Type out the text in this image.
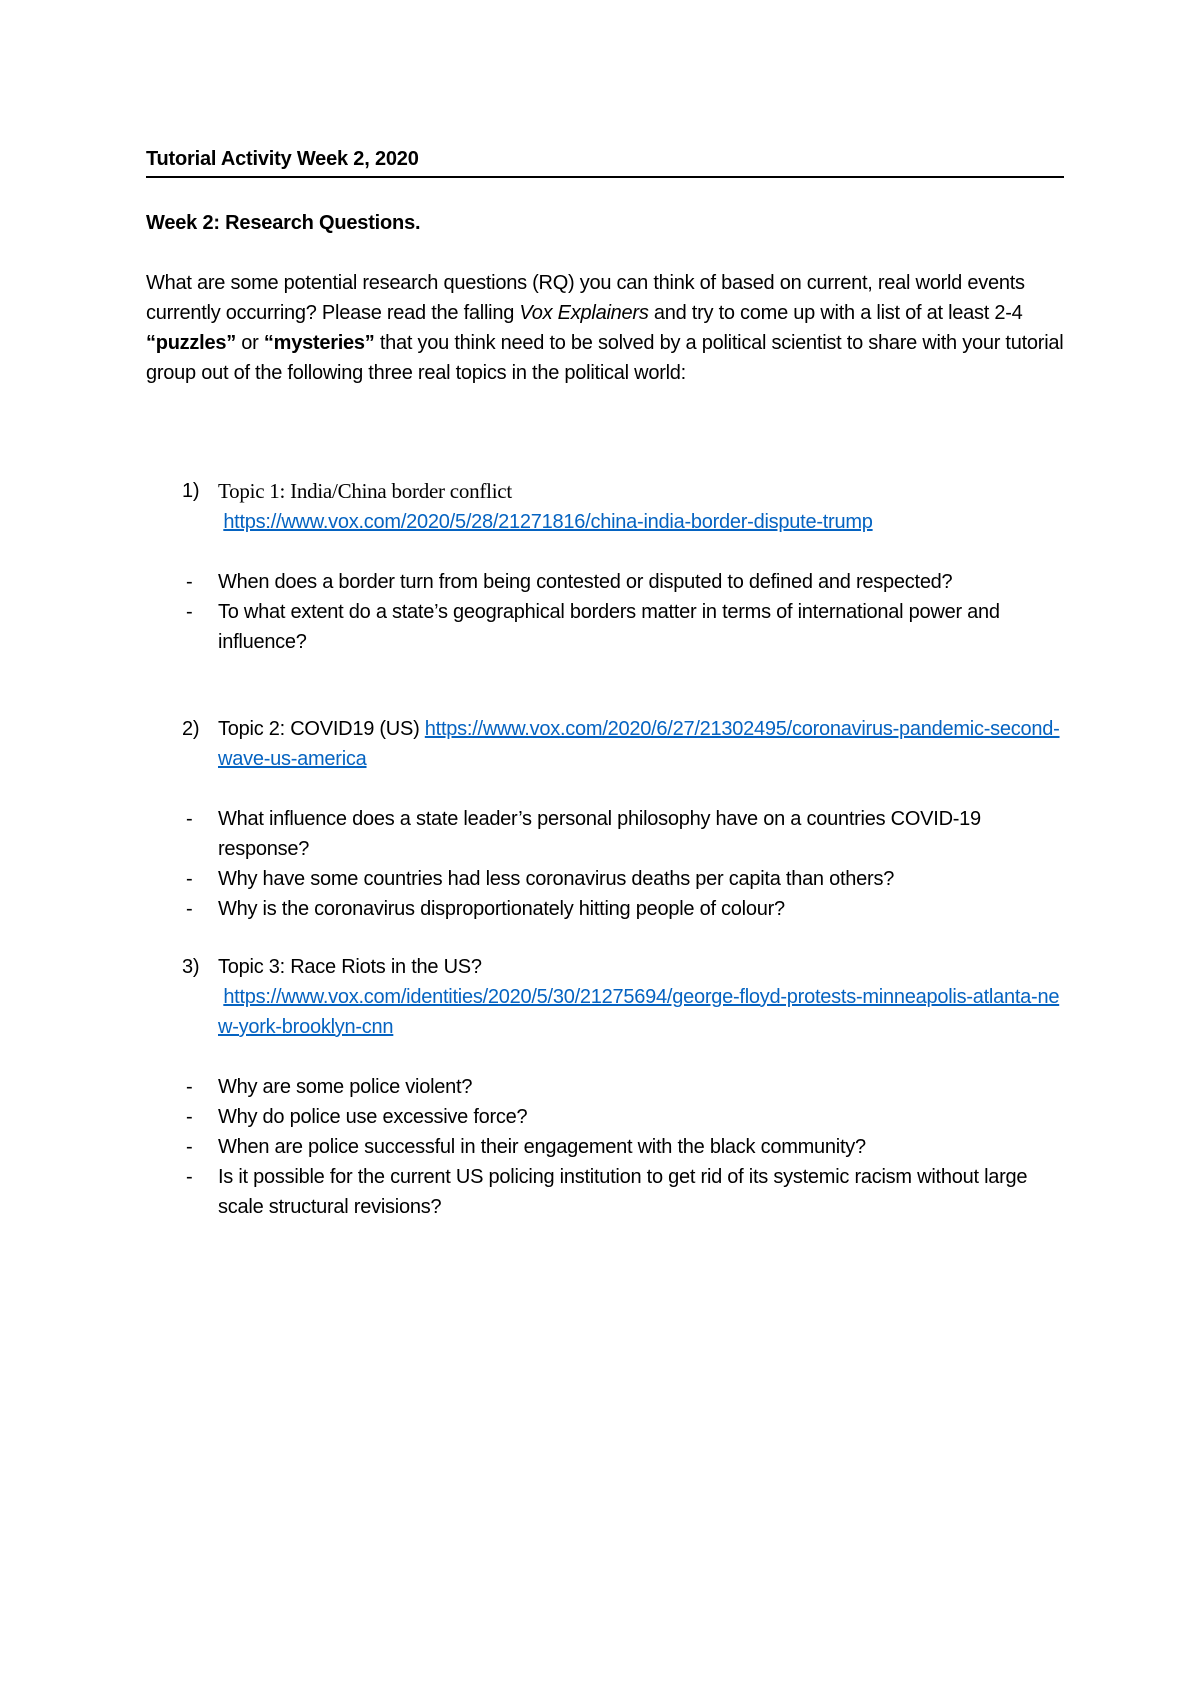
Tutorial Activity Week 2, 2020
Week 2: Research Questions.
What are some potential research questions (RQ) you can think of based on current, real world events currently occurring? Please read the falling Vox Explainers and try to come up with a list of at least 2-4 “puzzles” or “mysteries” that you think need to be solved by a political scientist to share with your tutorial group out of the following three real topics in the political world:
1) Topic 1: India/China border conflict
https://www.vox.com/2020/5/28/21271816/china-india-border-dispute-trump
- When does a border turn from being contested or disputed to defined and respected?
- To what extent do a state’s geographical borders matter in terms of international power and influence?
2) Topic 2: COVID19 (US) https://www.vox.com/2020/6/27/21302495/coronavirus-pandemic-second-wave-us-america
- What influence does a state leader’s personal philosophy have on a countries COVID-19 response?
- Why have some countries had less coronavirus deaths per capita than others?
- Why is the coronavirus disproportionately hitting people of colour?
3) Topic 3: Race Riots in the US?
https://www.vox.com/identities/2020/5/30/21275694/george-floyd-protests-minneapolis-atlanta-new-york-brooklyn-cnn
- Why are some police violent?
- Why do police use excessive force?
- When are police successful in their engagement with the black community?
- Is it possible for the current US policing institution to get rid of its systemic racism without large scale structural revisions?
